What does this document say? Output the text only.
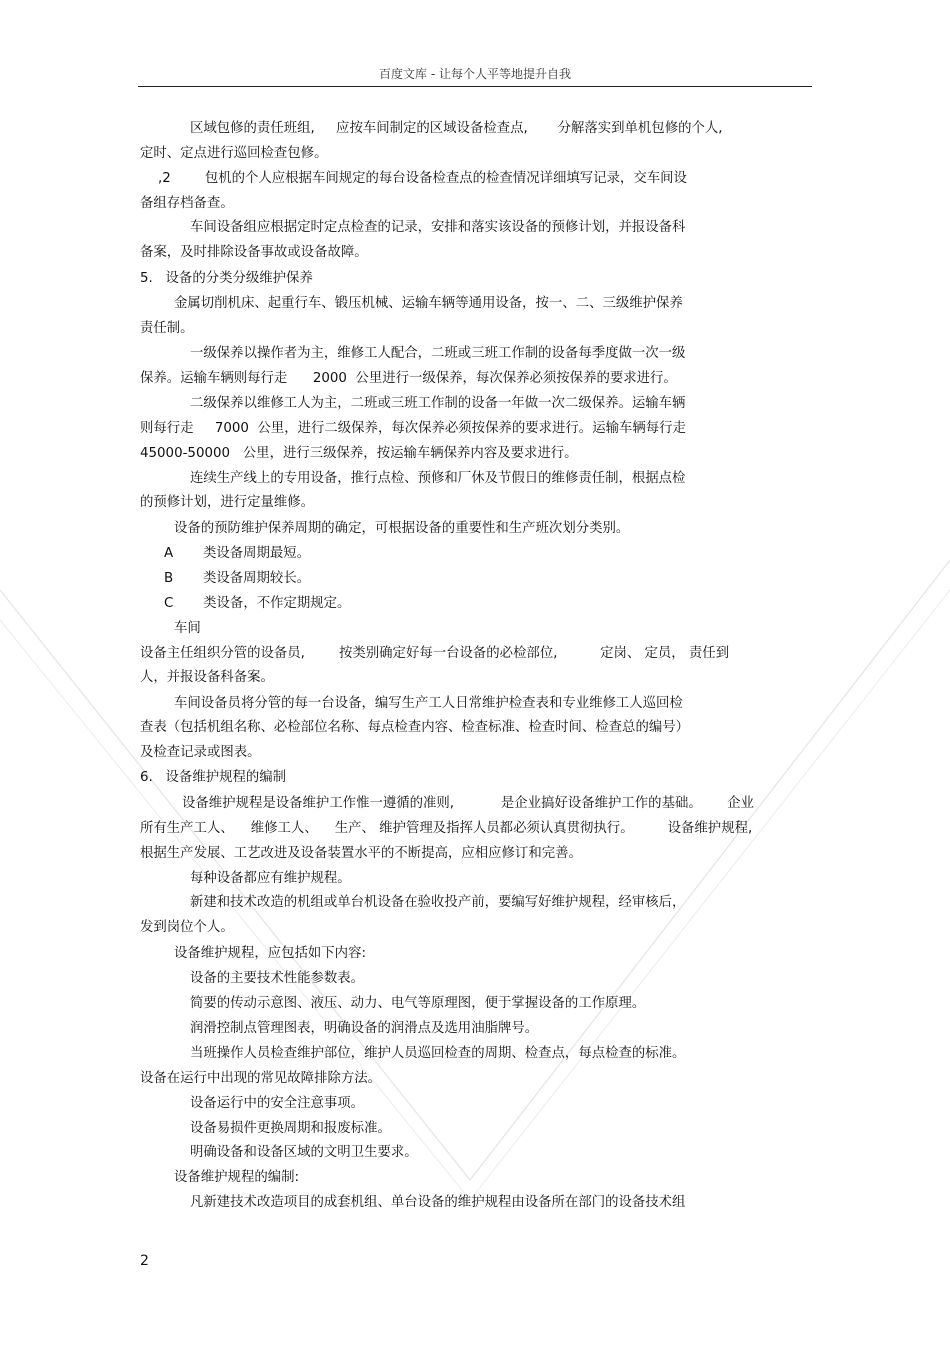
百度文库 - 让每个人平等地提升自我
区域包修的责任班组,     应按车间制定的区域设备检查点,       分解落实到单机包修的个人,
定时、定点进行巡回检查包修。
,2        包机的个人应根据车间规定的每台设备检查点的检查情况详细填写记录，交车间设
备组存档备查。
车间设备组应根据定时定点检查的记录，安排和落实该设备的预修计划，并报设备科
备案，及时排除设备事故或设备故障。
5.   设备的分类分级维护保养
金属切削机床、起重行车、锻压机械、运输车辆等通用设备，按一、二、三级维护保养
责任制。
一级保养以操作者为主，维修工人配合，二班或三班工作制的设备每季度做一次一级
保养。运输车辆则每行走      2000  公里进行一级保养，每次保养必须按保养的要求进行。
二级保养以维修工人为主，二班或三班工作制的设备一年做一次二级保养。运输车辆
则每行走     7000  公里，进行二级保养，每次保养必须按保养的要求进行。运输车辆每行走
45000-50000   公里，进行三级保养，按运输车辆保养内容及要求进行。
连续生产线上的专用设备，推行点检、预修和厂休及节假日的维修责任制，根据点检
的预修计划，进行定量维修。
设备的预防维护保养周期的确定，可根据设备的重要性和生产班次划分类别。
A       类设备周期最短。
B       类设备周期较长。
C       类设备，不作定期规定。
车间
设备主任组织分管的设备员,        按类别确定好每一台设备的必检部位,          定岗、 定员， 责任到
人，并报设备科备案。
车间设备员将分管的每一台设备，编写生产工人日常维护检查表和专业维修工人巡回检
查表（包括机组名称、必检部位名称、每点检查内容、检查标准、检查时间、检查总的编号）
及检查记录或图表。
6.   设备维护规程的编制
设备维护规程是设备维护工作惟一遵循的准则,           是企业搞好设备维护工作的基础。      企业
所有生产工人、    维修工人、    生产、 维护管理及指挥人员都必须认真贯彻执行。        设备维护规程,
根据生产发展、工艺改进及设备装置水平的不断提高，应相应修订和完善。
每种设备都应有维护规程。
新建和技术改造的机组或单台机设备在验收投产前，要编写好维护规程，经审核后，
发到岗位个人。
设备维护规程，应包括如下内容:
设备的主要技术性能参数表。
简要的传动示意图、液压、动力、电气等原理图，便于掌握设备的工作原理。
润滑控制点管理图表，明确设备的润滑点及选用油脂牌号。
当班操作人员检查维护部位，维护人员巡回检查的周期、检查点，每点检查的标准。
设备在运行中出现的常见故障排除方法。
设备运行中的安全注意事项。
设备易损件更换周期和报废标准。
明确设备和设备区域的文明卫生要求。
设备维护规程的编制:
凡新建技术改造项目的成套机组、单台设备的维护规程由设备所在部门的设备技术组
2
